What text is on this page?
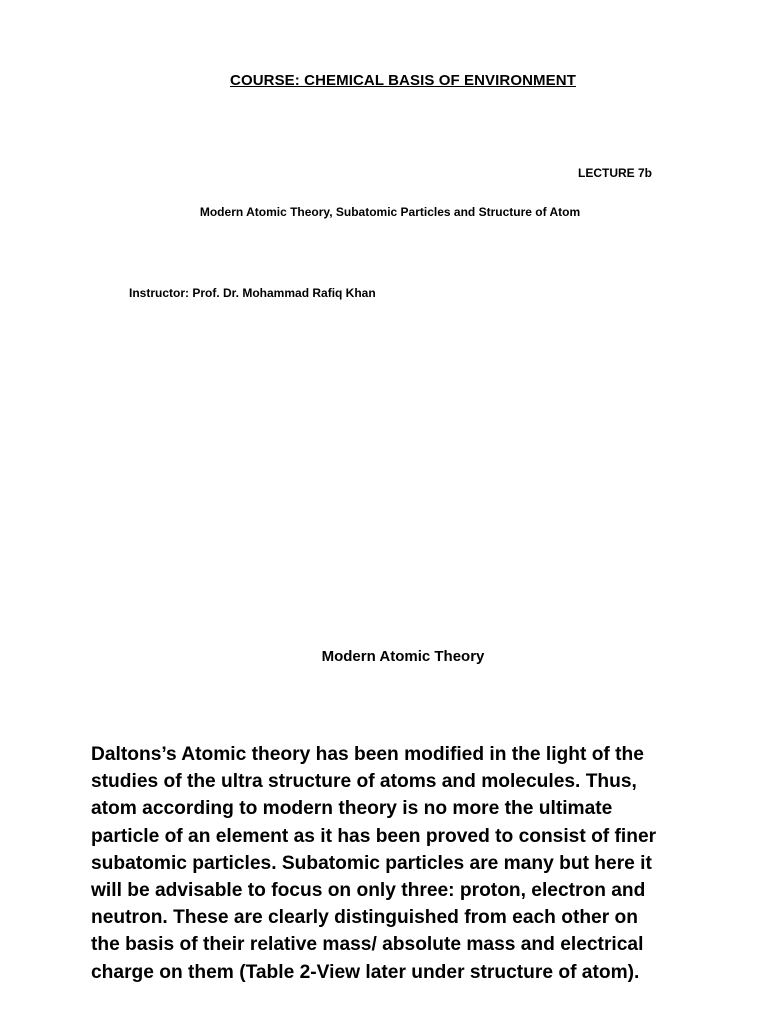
COURSE: CHEMICAL BASIS OF ENVIRONMENT
LECTURE 7b
Modern Atomic Theory, Subatomic Particles and Structure of Atom
Instructor: Prof. Dr. Mohammad Rafiq Khan
Modern Atomic Theory

Daltons’s Atomic theory has been modified in the light of the studies of the ultra structure of atoms and molecules. Thus, atom according to modern theory is no more the ultimate particle of an element as it has been proved to consist of finer subatomic particles. Subatomic particles are many but here it will be advisable to focus on only three: proton, electron and neutron. These are clearly distinguished from each other on the basis of their relative mass/ absolute mass and electrical charge on them (Table 2-View later under structure of atom).
